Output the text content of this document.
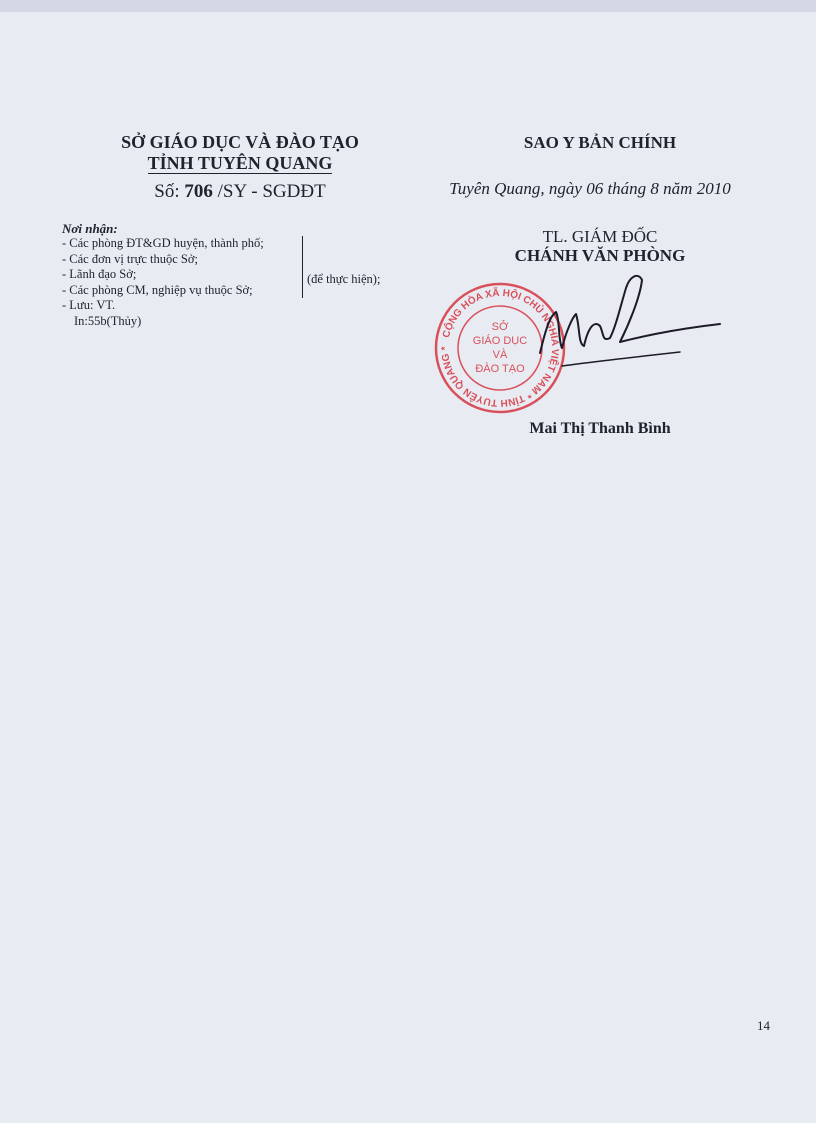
SỞ GIÁO DỤC VÀ ĐÀO TẠO
TỈNH TUYÊN QUANG
Số: 706 /SY - SGDĐT
SAO Y BẢN CHÍNH
Tuyên Quang, ngày 06 tháng 8 năm 2010
Nơi nhận:
- Các phòng ĐT&GD huyện, thành phố;
- Các đơn vị trực thuộc Sở;
- Lãnh đạo Sở;
- Các phòng CM, nghiệp vụ thuộc Sở;
- Lưu: VT.
In:55b(Thủy)
(để thực hiện);
TL. GIÁM ĐỐC
CHÁNH VĂN PHÒNG
CỘNG HÒA XÃ HỘI CHỦ NGHĨA VIỆT NAM * TỈNH TUYÊN QUANG *
SỞ
GIÁO DỤC
VÀ
ĐÀO TẠO
Mai Thị Thanh Bình
14
